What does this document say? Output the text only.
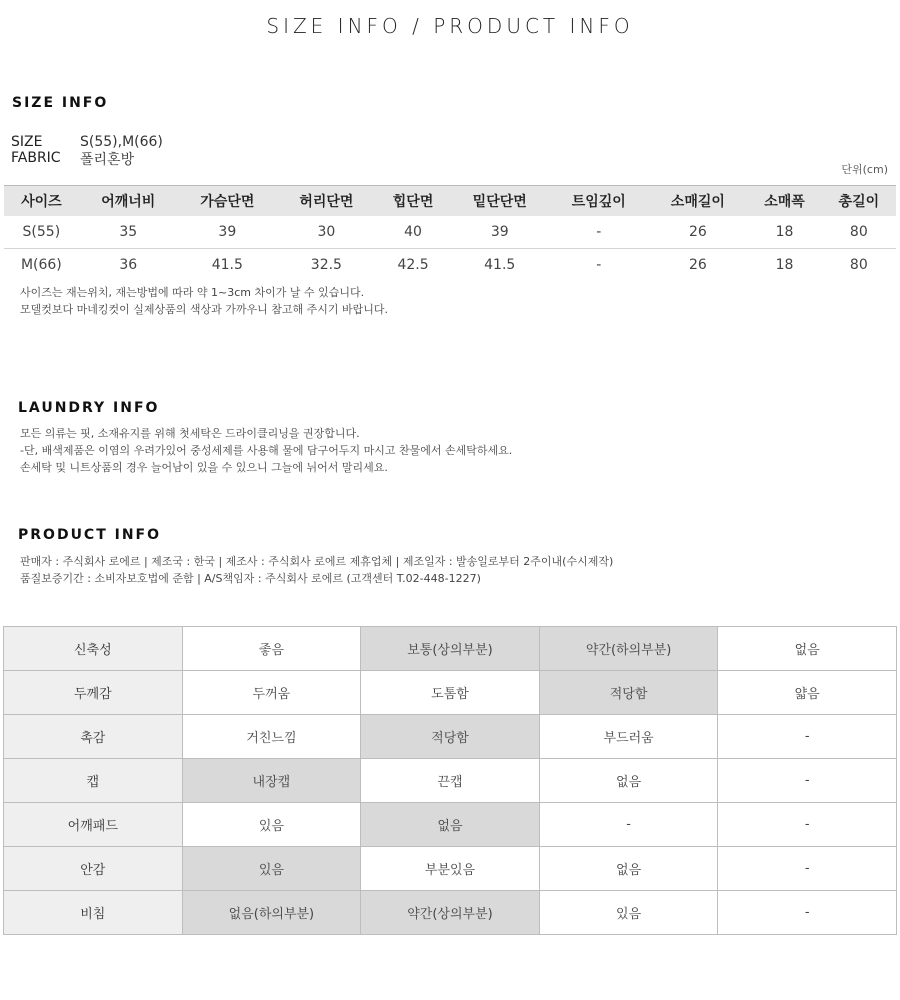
SIZE INFO / PRODUCT INFO
SIZE INFO
SIZE	S(55),M(66)
FABRIC 폴리혼방
단위(cm)
사이즈	어깨너비	가슴단면	허리단면	힙단면	밑단단면	트임깊이	소매길이	소매폭	총길이
S(55)	35	39	30	40	39	-	26	18	80
M(66)	36	41.5	32.5	42.5	41.5	-	26	18	80
사이즈는 재는위치, 재는방법에 따라 약 1~3cm 차이가 날 수 있습니다.
모델컷보다 마네킹컷이 실제상품의 색상과 가까우니 참고해 주시기 바랍니다.
LAUNDRY INFO
모든 의류는 핏, 소재유지를 위해 첫세탁은 드라이클리닝을 권장합니다.
-단, 배색제품은 이염의 우려가있어 중성세제를 사용해 물에 담구어두지 마시고 찬물에서 손세탁하세요.
손세탁 및 니트상품의 경우 늘어남이 있을 수 있으니 그늘에 뉘어서 말리세요.
PRODUCT INFO
판매자 : 주식회사 로에르 | 제조국 : 한국 | 제조사 : 주식회사 로에르 제휴업체 | 제조일자 : 발송일로부터 2주이내(수시제작)
품질보증기간 : 소비자보호법에 준함 | A/S책임자 : 주식회사 로에르 (고객센터 T.02-448-1227)
신축성	좋음	보통(상의부분)	약간(하의부분)	없음
두께감	두꺼움	도톰함	적당함	얇음
촉감	거친느낌	적당함	부드러움	-
캡	내장캡	끈캡	없음	-
어깨패드	있음	없음	-	-
안감	있음	부분있음	없음	-
비침	없음(하의부분)	약간(상의부분)	있음	-
